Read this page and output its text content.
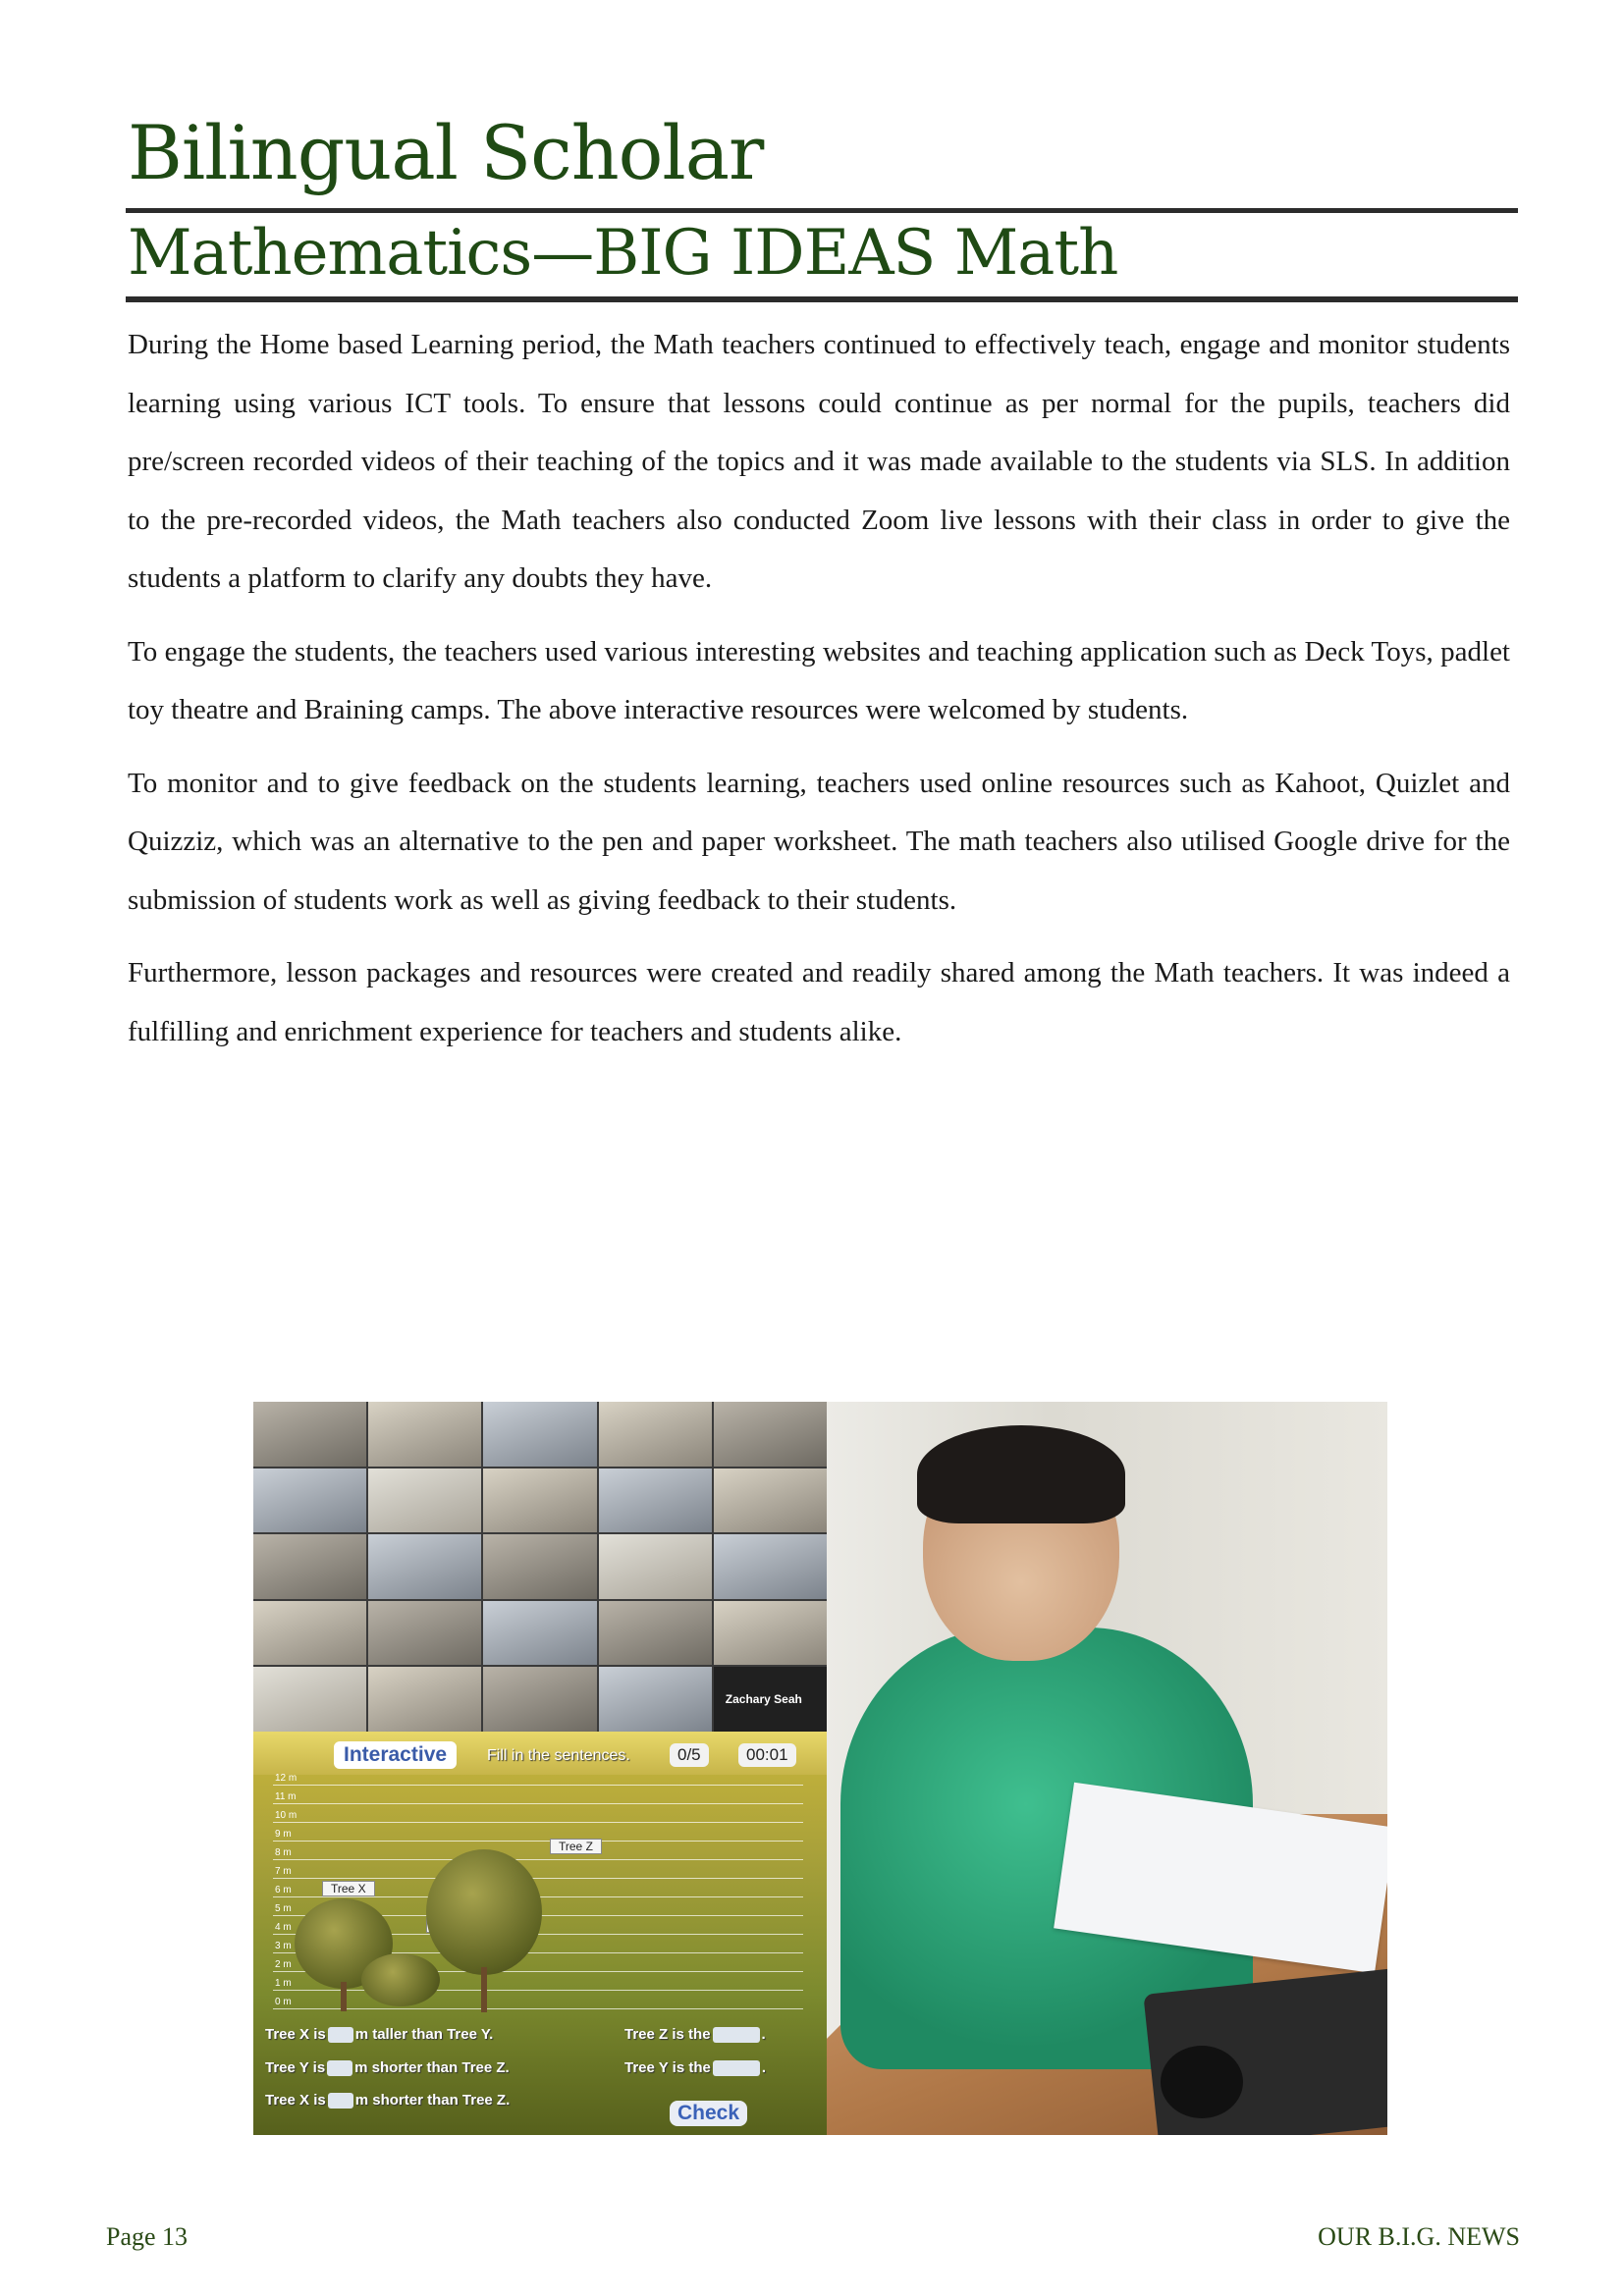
Bilingual Scholar
Mathematics—BIG IDEAS Math

During the Home based Learning period, the Math teachers continued to effectively teach, engage and monitor students learning using various ICT tools. To ensure that lessons could continue as per normal for the pupils, teachers did pre/screen recorded videos of their teaching of the topics and it was made available to the students via SLS. In addition to the pre-recorded videos, the Math teachers also conducted Zoom live lessons with their class in order to give the students a platform to clarify any doubts they have.

To engage the students, the teachers used various interesting websites and teaching application such as Deck Toys, padlet toy theatre and Braining camps. The above interactive resources were welcomed by students.

To monitor and to give feedback on the students learning, teachers used online resources such as Kahoot, Quizlet and Quizziz, which was an alternative to the pen and paper worksheet. The math teachers also utilised Google drive for the submission of students work as well as giving feedback to their students.

Furthermore, lesson packages and resources were created and readily shared among the Math teachers. It was indeed a fulfilling and enrichment experience for teachers and students alike.

Zachary Seah
Interactive	Fill in the sentences.	0/5	00:01
12 m
11 m
10 m
9 m
8 m
7 m
6 m
5 m
4 m
3 m
2 m
1 m
0 m
Tree X
Tree Z
Tree X is m taller than Tree Y.
Tree Y is m shorter than Tree Z.
Tree X is m shorter than Tree Z.
Tree Z is the	.
Tree Y is the	.
Check
Page 13	OUR B.I.G. NEWS
